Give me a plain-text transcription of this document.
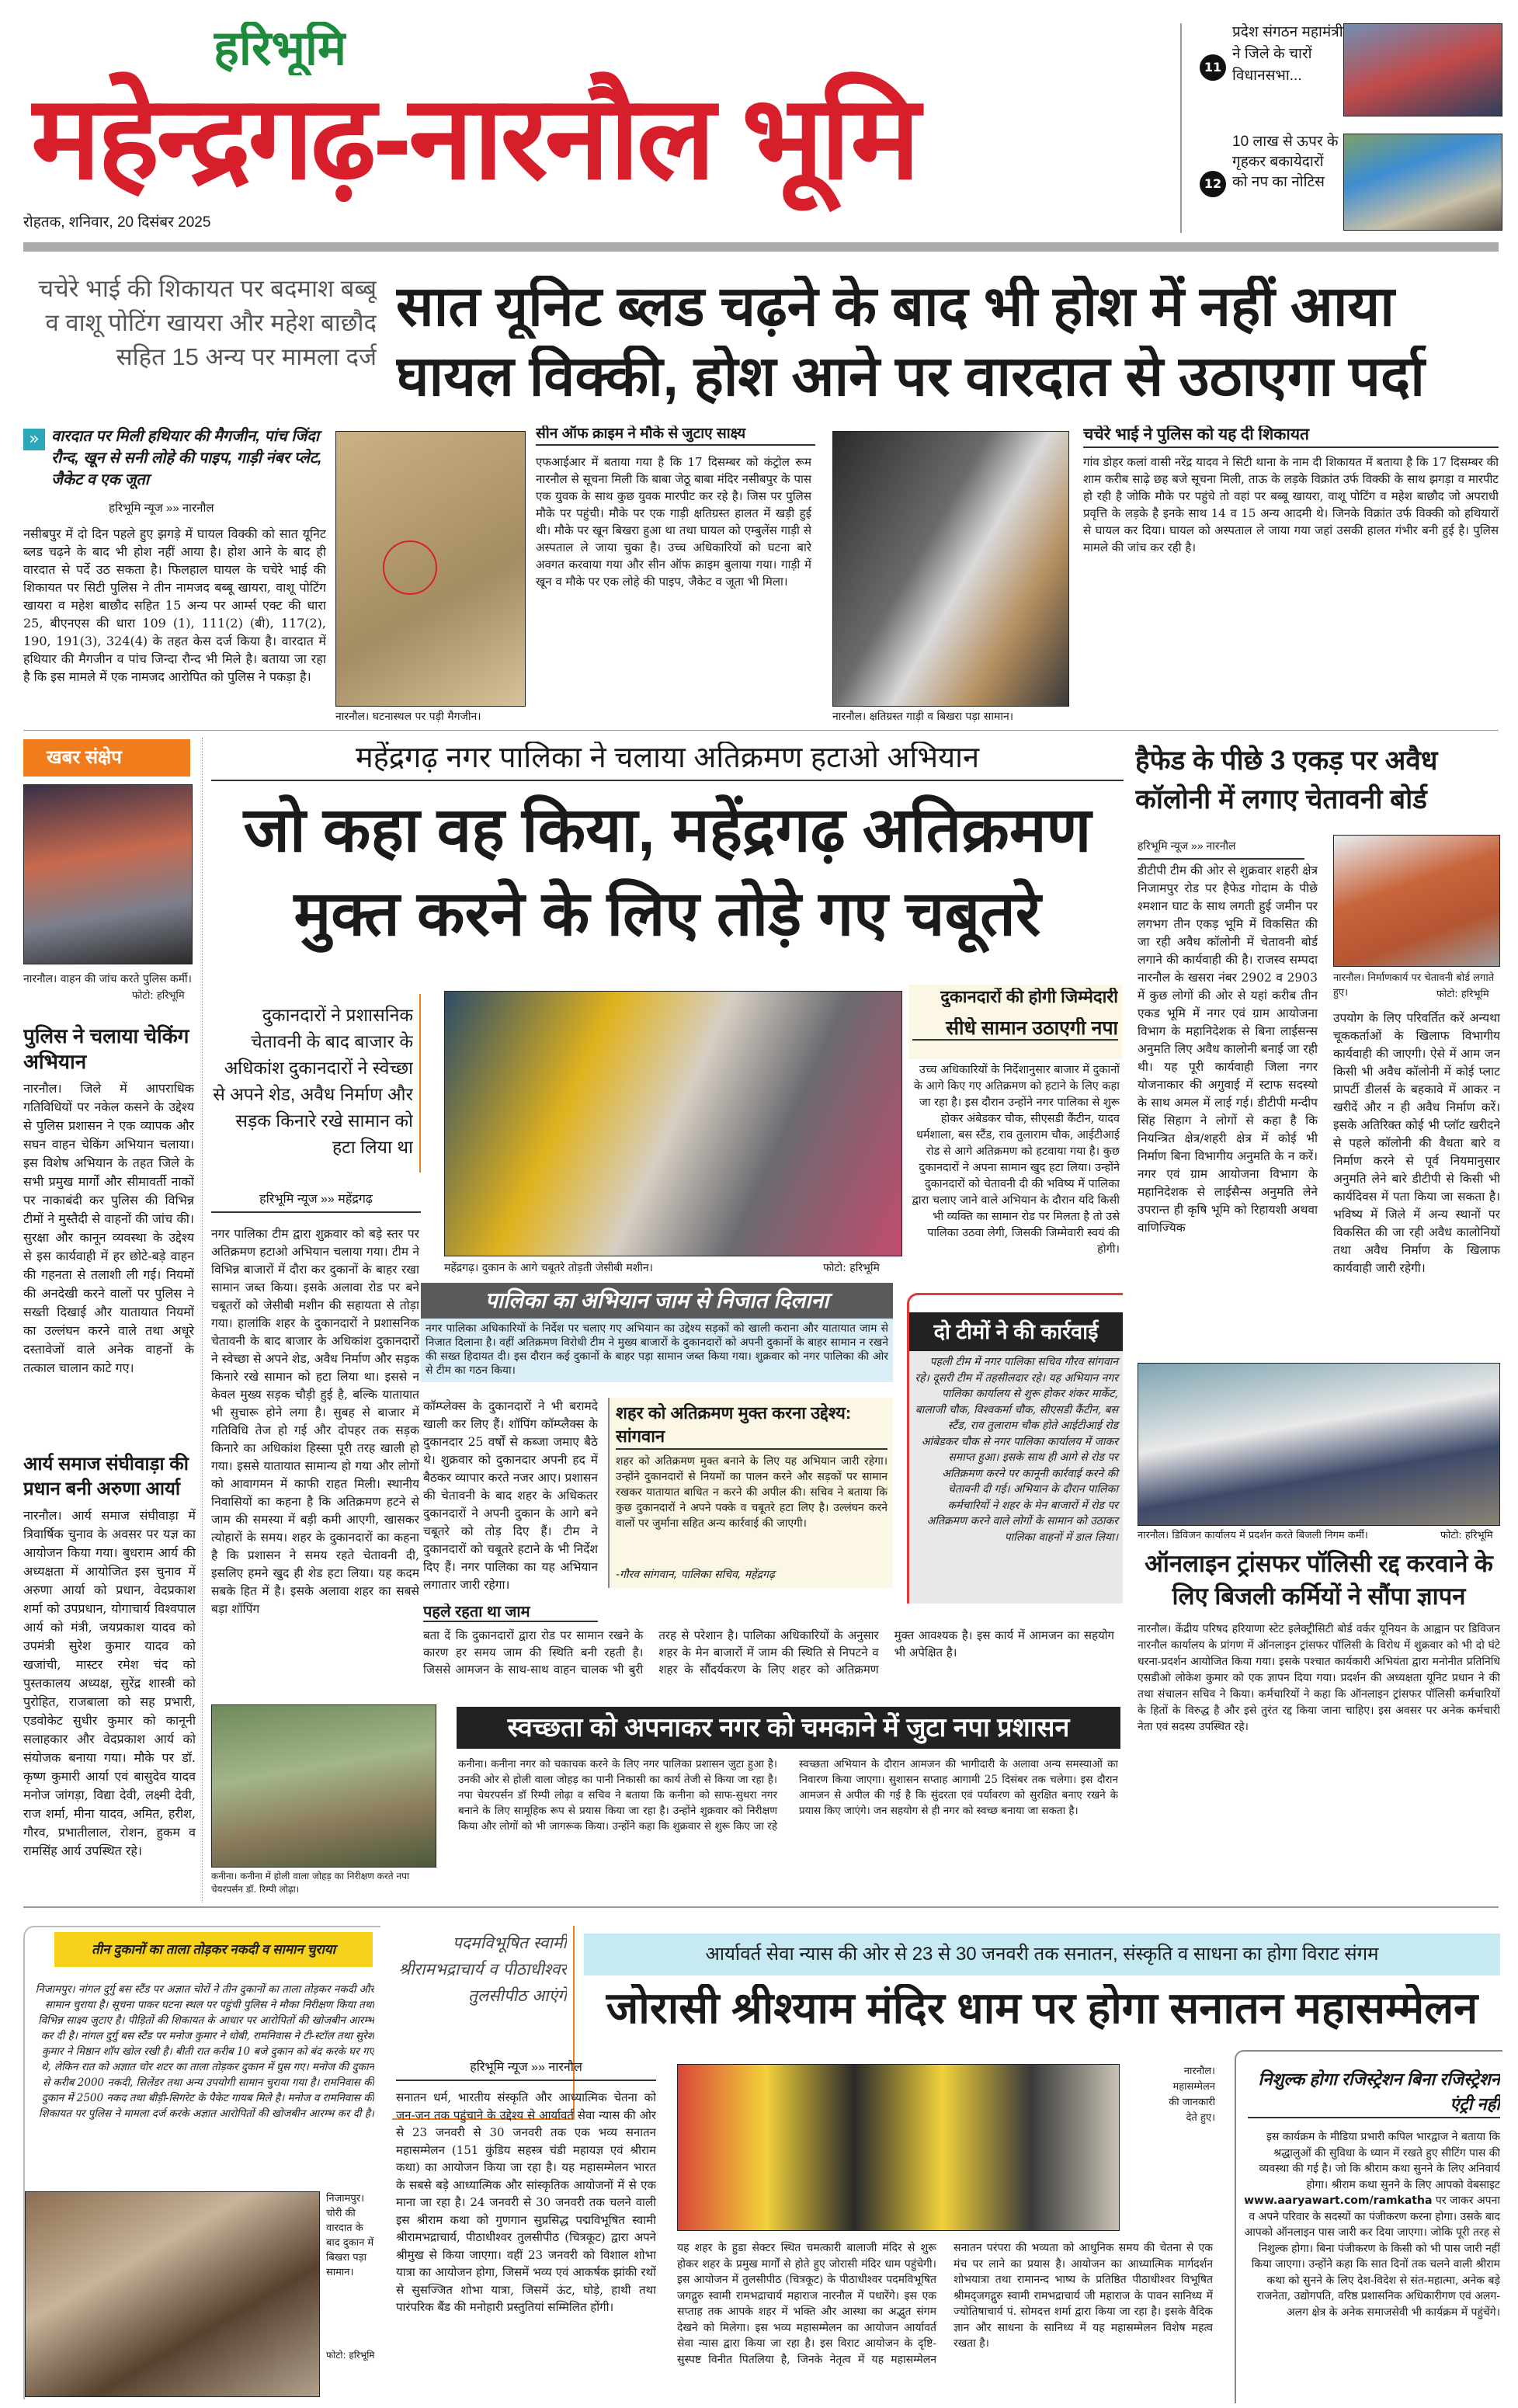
हरिभूमि
महेन्द्रगढ़-नारनौल भूमि
रोहतक, शनिवार, 20 दिसंबर 2025
11
प्रदेश संगठन महामंत्री ने जिले के चारों विधानसभा...
12
10 लाख से ऊपर के गृहकर बकायेदारों को नप का नोटिस
चचेरे भाई की शिकायत पर बदमाश बब्बू व वाशू पोटिंग खायरा और महेश बाछौद सहित 15 अन्य पर मामला दर्ज
सात यूनिट ब्लड चढ़ने के बाद भी होश में नहीं आया
घायल विक्की, होश आने पर वारदात से उठाएगा पर्दा
» वारदात पर मिली हथियार की मैगजीन, पांच जिंदा रौन्द, खून से सनी लोहे की पाइप, गाड़ी नंबर प्लेट, जैकेट व एक जूता
हरिभूमि न्यूज »» नारनौल
नसीबपुर में दो दिन पहले हुए झगड़े में घायल विक्की को सात यूनिट ब्लड चढ़ने के बाद भी होश नहीं आया है। होश आने के बाद ही वारदात से पर्दे उठ सकता है। फिलहाल घायल के चचेरे भाई की शिकायत पर सिटी पुलिस ने तीन नामजद बब्बू खायरा, वाशू पोटिंग खायरा व महेश बाछौद सहित 15 अन्य पर आर्म्स एक्ट की धारा 25, बीएनएस की धारा 109 (1), 111(2) (बी), 117(2), 190, 191(3), 324(4) के तहत केस दर्ज किया है। वारदात में हथियार की मैगजीन व पांच जिन्दा रौन्द भी मिले है। बताया जा रहा है कि इस मामले में एक नामजद आरोपित को पुलिस ने पकड़ा है।
नारनौल। घटनास्थल पर पड़ी मैगजीन।
सीन ऑफ क्राइम ने मौके से जुटाए साक्ष्य
एफआईआर में बताया गया है कि 17 दिसम्बर को कंट्रोल रूम नारनौल से सूचना मिली कि बाबा जेठू बाबा मंदिर नसीबपुर के पास एक युवक के साथ कुछ युवक मारपीट कर रहे है। जिस पर पुलिस मौके पर पहुंची। मौके पर एक गाड़ी क्षतिग्रस्त हालत में खड़ी हुई थी। मौके पर खून बिखरा हुआ था तथा घायल को एम्बुलेंस गाड़ी से अस्पताल ले जाया चुका है। उच्च अधिकारियों को घटना बारे अवगत करवाया गया और सीन ऑफ क्राइम बुलाया गया। गाड़ी में खून व मौके पर एक लोहे की पाइप, जैकेट व जूता भी मिला।
नारनौल। क्षतिग्रस्त गाड़ी व बिखरा पड़ा सामान।
चचेरे भाई ने पुलिस को यह दी शिकायत
गांव डोहर कलां वासी नरेंद्र यादव ने सिटी थाना के नाम दी शिकायत में बताया है कि 17 दिसम्बर की शाम करीब साढ़े छह बजे सूचना मिली, ताऊ के लड़के विक्रांत उर्फ विक्की के साथ झगड़ा व मारपीट हो रही है जोकि मौके पर पहुंचे तो वहां पर बब्बू खायरा, वाशू पोटिंग व महेश बाछौद जो अपराधी प्रवृत्ति के लड़के है इनके साथ 14 व 15 अन्य आदमी थे। जिनके विक्रांत उर्फ विक्की को हथियारों से घायल कर दिया। घायल को अस्पताल ले जाया गया जहां उसकी हालत गंभीर बनी हुई है। पुलिस मामले की जांच कर रही है।
खबर संक्षेप
नारनौल। वाहन की जांच करते पुलिस कर्मी।
फोटो: हरिभूमि
पुलिस ने चलाया चेकिंग अभियान
नारनौल। जिले में आपराधिक गतिविधियों पर नकेल कसने के उद्देश्य से पुलिस प्रशासन ने एक व्यापक और सघन वाहन चेकिंग अभियान चलाया। इस विशेष अभियान के तहत जिले के सभी प्रमुख मार्गों और सीमावर्ती नाकों पर नाकाबंदी कर पुलिस की विभिन्न टीमों ने मुस्तैदी से वाहनों की जांच की। सुरक्षा और कानून व्यवस्था के उद्देश्य से इस कार्यवाही में हर छोटे-बड़े वाहन की गहनता से तलाशी ली गई। नियमों की अनदेखी करने वालों पर पुलिस ने सख्ती दिखाई और यातायात नियमों का उल्लंघन करने वाले तथा अधूरे दस्तावेजों वाले अनेक वाहनों के तत्काल चालान काटे गए।
आर्य समाज संघीवाड़ा की प्रधान बनी अरुणा आर्या
नारनौल। आर्य समाज संघीवाड़ा में त्रिवार्षिक चुनाव के अवसर पर यज्ञ का आयोजन किया गया। बुधराम आर्य की अध्यक्षता में आयोजित इस चुनाव में अरुणा आर्या को प्रधान, वेदप्रकाश शर्मा को उपप्रधान, योगाचार्य विश्वपाल आर्य को मंत्री, जयप्रकाश यादव को उपमंत्री सुरेश कुमार यादव को खजांची, मास्टर रमेश चंद को पुस्तकालय अध्यक्ष, सुरेंद्र शास्त्री को पुरोहित, राजबाला को सह प्रभारी, एडवोकेट सुधीर कुमार को कानूनी सलाहकार और वेदप्रकाश आर्य को संयोजक बनाया गया। मौके पर डॉ. कृष्ण कुमारी आर्या एवं बासुदेव यादव मनोज जांगड़ा, विद्या देवी, लक्ष्मी देवी, राज शर्मा, मीना यादव, अमित, हरीश, गौरव, प्रभातीलाल, रोशन, हुकम व रामसिंह आर्य उपस्थित रहे।
महेंद्रगढ़ नगर पालिका ने चलाया अतिक्रमण हटाओ अभियान
जो कहा वह किया, महेंद्रगढ़ अतिक्रमण मुक्त करने के लिए तोड़े गए चबूतरे
दुकानदारों ने प्रशासनिक चेतावनी के बाद बाजार के अधिकांश दुकानदारों ने स्वेच्छा से अपने शेड, अवैध निर्माण और सड़क किनारे रखे सामान को हटा लिया था
हरिभूमि न्यूज »» महेंद्रगढ़
नगर पालिका टीम द्वारा शुक्रवार को बड़े स्तर पर अतिक्रमण हटाओ अभियान चलाया गया। टीम ने विभिन्न बाजारों में दौरा कर दुकानों के बाहर रखा सामान जब्त किया। इसके अलावा रोड पर बने चबूतरों को जेसीबी मशीन की सहायता से तोड़ा गया। हालांकि शहर के दुकानदारों ने प्रशासनिक चेतावनी के बाद बाजार के अधिकांश दुकानदारों ने स्वेच्छा से अपने शेड, अवैध निर्माण और सड़क किनारे रखे सामान को हटा लिया था। इससे न केवल मुख्य सड़क चौड़ी हुई है, बल्कि यातायात भी सुचारू होने लगा है। सुबह से बाजार में गतिविधि तेज हो गई और दोपहर तक सड़क किनारे का अधिकांश हिस्सा पूरी तरह खाली हो गया। इससे यातायात सामान्य हो गया और लोगों को आवागमन में काफी राहत मिली। स्थानीय निवासियों का कहना है कि अतिक्रमण हटने से जाम की समस्या में बड़ी कमी आएगी, खासकर त्योहारों के समय। शहर के दुकानदारों का कहना है कि प्रशासन ने समय रहते चेतावनी दी, इसलिए हमने खुद ही शेड हटा लिया। यह कदम सबके हित में है। इसके अलावा शहर का सबसे बड़ा शॉपिंग
महेंद्रगढ़। दुकान के आगे चबूतरे तोड़ती जेसीबी मशीन।	फोटो: हरिभूमि
दुकानदारों की होगी जिम्मेदारी
सीधे सामान उठाएगी नपा
उच्च अधिकारियों के निर्देशानुसार बाजार में दुकानों के आगे किए गए अतिक्रमण को हटाने के लिए कहा जा रहा है। इस दौरान उन्होंने नगर पालिका से शुरू होकर अंबेडकर चौक, सीएसडी कैंटीन, यादव धर्मशाला, बस स्टैंड, राव तुलाराम चौक, आईटीआई रोड से आगे अतिक्रमण को हटवाया गया है। कुछ दुकानदारों ने अपना सामान खुद हटा लिया। उन्होंने दुकानदारों को चेतावनी दी की भविष्य में पालिका द्वारा चलाए जाने वाले अभियान के दौरान यदि किसी भी व्यक्ति का सामान रोड पर मिलता है तो उसे पालिका उठवा लेगी, जिसकी जिम्मेवारी स्वयं की होगी।
पालिका का अभियान जाम से निजात दिलाना
नगर पालिका अधिकारियों के निर्देश पर चलाए गए अभियान का उद्देश्य सड़कों को खाली कराना और यातायात जाम से निजात दिलाना है। वहीं अतिक्रमण विरोधी टीम ने मुख्य बाजारों के दुकानदारों को अपनी दुकानों के बाहर सामान न रखने की सख्त हिदायत दी। इस दौरान कई दुकानों के बाहर पड़ा सामान जब्त किया गया। शुक्रवार को नगर पालिका की ओर से टीम का गठन किया।
कॉम्प्लेक्स के दुकानदारों ने भी बरामदे खाली कर लिए हैं। शॉपिंग कॉम्प्लैक्स के दुकानदार 25 वर्षों से कब्जा जमाए बैठे थे। शुक्रवार को दुकानदार अपनी हद में बैठकर व्यापार करते नजर आए। प्रशासन की चेतावनी के बाद शहर के अधिकतर दुकानदारों ने अपनी दुकान के आगे बने चबूतरे को तोड़ दिए हैं। टीम ने दुकानदारों को चबूतरे हटाने के भी निर्देश दिए हैं। नगर पालिका का यह अभियान लगातार जारी रहेगा।
शहर को अतिक्रमण मुक्त करना उद्देश्य: सांगवान
शहर को अतिक्रमण मुक्त बनाने के लिए यह अभियान जारी रहेगा। उन्होंने दुकानदारों से नियमों का पालन करने और सड़कों पर सामान रखकर यातायात बाधित न करने की अपील की। सचिव ने बताया कि कुछ दुकानदारों ने अपने पक्के व चबूतरे हटा लिए है। उल्लंघन करने वालों पर जुर्माना सहित अन्य कार्रवाई की जाएगी।
-गौरव सांगवान, पालिका सचिव, महेंद्रगढ़
दो टीमों ने की कार्रवाई
पहली टीम में नगर पालिका सचिव गौरव सांगवान रहे। दूसरी टीम में तहसीलदार रहे। यह अभियान नगर पालिका कार्यालय से शुरू होकर शंकर मार्केट, बालाजी चौक, विश्वकर्मा चौक, सीएसडी कैंटीन, बस स्टैंड, राव तुलाराम चौक होते आईटीआई रोड आंबेडकर चौक से नगर पालिका कार्यालय में जाकर समाप्त हुआ। इसके साथ ही आगे से रोड पर अतिक्रमण करने पर कानूनी कार्रवाई करने की चेतावनी दी गई। अभियान के दौरान पालिका कर्मचारियों ने शहर के मेन बाजारों में रोड पर अतिक्रमण करने वाले लोगों के सामान को उठाकर पालिका वाहनों में डाल लिया।
पहले रहता था जाम
बता दें कि दुकानदारों द्वारा रोड पर सामान रखने के कारण हर समय जाम की स्थिति बनी रहती है। जिससे आमजन के साथ-साथ वाहन चालक भी बुरी तरह से परेशान है। पालिका अधिकारियों के अनुसार शहर के मेन बाजारों में जाम की स्थिति से निपटने व शहर के सौंदर्यकरण के लिए शहर को अतिक्रमण मुक्त आवश्यक है। इस कार्य में आमजन का सहयोग भी अपेक्षित है।
हैफेड के पीछे 3 एकड़ पर अवैध कॉलोनी में लगाए चेतावनी बोर्ड
हरिभूमि न्यूज »» नारनौल
डीटीपी टीम की ओर से शुक्रवार शहरी क्षेत्र निजामपुर रोड पर हैफेड गोदाम के पीछे श्मशान घाट के साथ लगती हुई जमीन पर लगभग तीन एकड़ भूमि में विकसित की जा रही अवैध कॉलोनी में चेतावनी बोर्ड लगाने की कार्यवाही की है। राजस्व सम्पदा नारनौल के खसरा नंबर 2902 व 2903 में कुछ लोगों की ओर से यहां करीब तीन एकड भूमि में नगर एवं ग्राम आयोजना विभाग के महानिदेशक से बिना लाईसन्स अनुमति लिए अवैध कालोनी बनाई जा रही थी। यह पूरी कार्यवाही जिला नगर योजनाकार की अगुवाई में स्टाफ सदस्यो के साथ अमल में लाई गई। डीटीपी मन्दीप सिंह सिहाग ने लोगों से कहा है कि नियन्त्रित क्षेत्र/शहरी क्षेत्र में कोई भी निर्माण बिना विभागीय अनुमति के न करें। नगर एवं ग्राम आयोजना विभाग के महानिदेशक से लाईसैन्स अनुमति लेने उपरान्त ही कृषि भूमि को रिहायशी अथवा वाणिज्यिक
नारनौल। निर्माणकार्य पर चेतावनी बोर्ड लगाते हुए।	फोटो: हरिभूमि
उपयोग के लिए परिवर्तित करें अन्यथा चूककर्ताओं के खिलाफ विभागीय कार्यवाही की जाएगी। ऐसे में आम जन किसी भी अवैध कॉलोनी में कोई प्लाट प्रापर्टी डीलर्स के बहकावे में आकर न खरीदें और न ही अवैध निर्माण करें। इसके अतिरिक्त कोई भी प्लॉट खरीदने से पहले कॉलोनी की वैधता बारे व निर्माण करने से पूर्व नियमानुसार अनुमति लेने बारे डीटीपी से किसी भी कार्यदिवस में पता किया जा सकता है। भविष्य में जिले में अन्य स्थानों पर विकसित की जा रही अवैध कालोनियों तथा अवैध निर्माण के खिलाफ कार्यवाही जारी रहेगी।
नारनौल। डिविजन कार्यालय में प्रदर्शन करते बिजली निगम कर्मी।	फोटो: हरिभूमि
ऑनलाइन ट्रांसफर पॉलिसी रद्द करवाने के लिए बिजली कर्मियों ने सौंपा ज्ञापन
नारनौल। केंद्रीय परिषद हरियाणा स्टेट इलेक्ट्रीसिटी बोर्ड वर्कर यूनियन के आह्वान पर डिविजन नारनौल कार्यालय के प्रांगण में ऑनलाइन ट्रांसफर पॉलिसी के विरोध में शुक्रवार को भी दो घंटे धरना-प्रदर्शन आयोजित किया गया। इसके पश्चात कार्यकारी अभियंता द्वारा मनोनीत प्रतिनिधि एसडीओ लोकेश कुमार को एक ज्ञापन दिया गया। प्रदर्शन की अध्यक्षता यूनिट प्रधान ने की तथा संचालन सचिव ने किया। कर्मचारियों ने कहा कि ऑनलाइन ट्रांसफर पॉलिसी कर्मचारियों के हितों के विरुद्ध है और इसे तुरंत रद्द किया जाना चाहिए। इस अवसर पर अनेक कर्मचारी नेता एवं सदस्य उपस्थित रहे।
कनीना। कनीना में होली वाला जोहड़ का निरीक्षण करते नपा चेयरपर्सन डॉ. रिम्पी लोढ़ा।
स्वच्छता को अपनाकर नगर को चमकाने में जुटा नपा प्रशासन
कनीना। कनीना नगर को चकाचक करने के लिए नगर पालिका प्रशासन जुटा हुआ है। उनकी ओर से होली वाला जोहड़ का पानी निकासी का कार्य तेजी से किया जा रहा है। नपा चेयरपर्सन डॉ रिम्पी लोढ़ा व सचिव ने बताया कि कनीना को साफ-सुथरा नगर बनाने के लिए सामूहिक रूप से प्रयास किया जा रहा है। उन्होंने शुक्रवार को निरीक्षण किया और लोगों को भी जागरूक किया। उन्होंने कहा कि शुक्रवार से शुरू किए जा रहे स्वच्छता अभियान के दौरान आमजन की भागीदारी के अलावा अन्य समस्याओं का निवारण किया जाएगा। सुशासन सप्ताह आगामी 25 दिसंबर तक चलेगा। इस दौरान आमजन से अपील की गई है कि सुंदरता एवं पर्यावरण को सुरक्षित बनाए रखने के प्रयास किए जाएंगे। जन सहयोग से ही नगर को स्वच्छ बनाया जा सकता है।
तीन दुकानों का ताला तोड़कर नकदी व सामान चुराया
निजामपुर। नांगल दुर्गु बस स्टैंड पर अज्ञात चोरों ने तीन दुकानों का ताला तोड़कर नकदी और सामान चुराया है। सूचना पाकर घटना स्थल पर पहुंची पुलिस ने मौका निरीक्षण किया तथा विभिन्न साक्ष्य जुटाए है। पीड़ितों की शिकायत के आधार पर आरोपितों की खोजबीन आरम्भ कर दी है। नांगल दुर्गु बस स्टैंड पर मनोज कुमार ने धोबी, रामनिवास ने टी-स्टॉल तथा सुरेश कुमार ने मिष्ठान शॉप खोल रखी है। बीती रात करीब 10 बजे दुकान को बंद करके घर गए थे, लेकिन रात को अज्ञात चोर शटर का ताला तोड़कर दुकान में घुस गए। मनोज की दुकान से करीब 2000 नकदी, सिलेंडर तथा अन्य उपयोगी सामान चुराया गया है। रामनिवास की दुकान में 2500 नकद तथा बीड़ी-सिगरेट के पैकेट गायब मिले है। मनोज व रामनिवास की शिकायत पर पुलिस ने मामला दर्ज करके अज्ञात आरोपितों की खोजबीन आरम्भ कर दी है।
निजामपुर। चोरी की वारदात के बाद दुकान में बिखरा पड़ा सामान।
फोटो: हरिभूमि
पदमविभूषित स्वामी श्रीरामभद्राचार्य व पीठाधीश्वर तुलसीपीठ आएंगे
आर्यावर्त सेवा न्यास की ओर से 23 से 30 जनवरी तक सनातन, संस्कृति व साधना का होगा विराट संगम
जोरासी श्रीश्याम मंदिर धाम पर होगा सनातन महासम्मेलन
हरिभूमि न्यूज »» नारनौल
सनातन धर्म, भारतीय संस्कृति और आध्यात्मिक चेतना को जन-जन तक पहुंचाने के उद्देश्य से आर्यावर्त सेवा न्यास की ओर से 23 जनवरी से 30 जनवरी तक एक भव्य सनातन महासम्मेलन (151 कुंडिय सहस्त्र चंडी महायज्ञ एवं श्रीराम कथा) का आयोजन किया जा रहा है। यह महासम्मेलन भारत के सबसे बड़े आध्यात्मिक और सांस्कृतिक आयोजनों में से एक माना जा रहा है। 24 जनवरी से 30 जनवरी तक चलने वाली इस श्रीराम कथा को गुणगान सुप्रसिद्ध पद्मविभूषित स्वामी श्रीरामभद्राचार्य, पीठाधीश्वर तुलसीपीठ (चित्रकूट) द्वारा अपने श्रीमुख से किया जाएगा। वहीं 23 जनवरी को विशाल शोभा यात्रा का आयोजन होगा, जिसमें भव्य एवं आकर्षक झांकी रथों से सुसज्जित शोभा यात्रा, जिसमें ऊंट, घोड़े, हाथी तथा पारंपरिक बैंड की मनोहारी प्रस्तुतियां सम्मिलित होंगी।
नारनौल। महासम्मेलन की जानकारी देते हुए।
यह शहर के हुडा सेक्टर स्थित चमत्कारी बालाजी मंदिर से शुरू होकर शहर के प्रमुख मार्गों से होते हुए जोरासी मंदिर धाम पहुंचेगी। इस आयोजन में तुलसीपीठ (चित्रकूट) के पीठाधीश्वर पदमविभूषित जगद्गुरु स्वामी रामभद्राचार्य महाराज नारनौल में पधारेंगे। इस एक सप्ताह तक आपके शहर में भक्ति और आस्था का अद्भुत संगम देखने को मिलेगा। इस भव्य महासम्मेलन का आयोजन आर्यावर्त सेवा न्यास द्वारा किया जा रहा है। इस विराट आयोजन के दृष्टि-सुस्पष्ट विनीत पितलिया है, जिनके नेतृत्व में यह महासम्मेलन सनातन परंपरा की भव्यता को आधुनिक समय की चेतना से एक मंच पर लाने का प्रयास है। आयोजन का आध्यात्मिक मार्गदर्शन शोभयात्रा तथा रामानन्द भाष्य के प्रतिष्ठित पीठाधीश्वर विभूषित श्रीमद्जगद्गुरु स्वामी रामभद्राचार्य जी महाराज के पावन सानिध्य में ज्योतिषाचार्य पं. सोमदत्त शर्मा द्वारा किया जा रहा है। इसके वैदिक ज्ञान और साधना के सानिध्य में यह महासम्मेलन विशेष महत्व रखता है।
निशुल्क होगा रजिस्ट्रेशन बिना रजिस्ट्रेशन एंट्री नहीं
इस कार्यक्रम के मीडिया प्रभारी कपिल भारद्वाज ने बताया कि श्रद्धालुओं की सुविधा के ध्यान में रखते हुए सीटिंग पास की व्यवस्था की गई है। जो कि श्रीराम कथा सुनने के लिए अनिवार्य होगा। श्रीराम कथा सुनने के लिए आपको वेबसाइट www.aaryawart.com/ramkatha पर जाकर अपना व अपने परिवार के सदस्यों का पंजीकरण करना होगा। उसके बाद आपको ऑनलाइन पास जारी कर दिया जाएगा। जोकि पूरी तरह से निशुल्क होगा। बिना पंजीकरण के किसी को भी पास जारी नहीं किया जाएगा। उन्होंने कहा कि सात दिनों तक चलने वाली श्रीराम कथा को सुनने के लिए देश-विदेश से संत-महात्मा, अनेक बड़े राजनेता, उद्योगपति, वरिष्ठ प्रशासनिक अधिकारीगण एवं अलग-अलग क्षेत्र के अनेक समाजसेवी भी कार्यक्रम में पहुंचेंगे।
